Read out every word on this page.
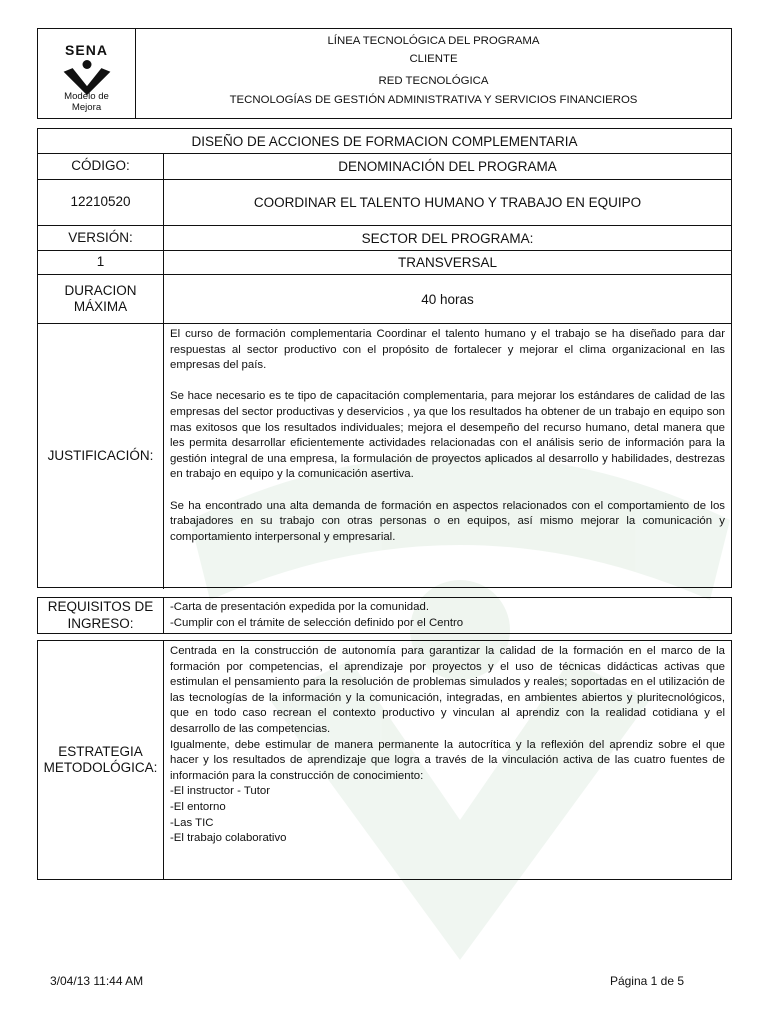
SENA
Modelo de Mejora
LÍNEA TECNOLÓGICA DEL PROGRAMA
CLIENTE
RED TECNOLÓGICA
TECNOLOGÍAS DE GESTIÓN ADMINISTRATIVA Y SERVICIOS FINANCIEROS
DISEÑO DE ACCIONES DE FORMACION COMPLEMENTARIA
CÓDIGO:	DENOMINACIÓN DEL PROGRAMA
12210520	COORDINAR EL TALENTO HUMANO Y TRABAJO EN EQUIPO
VERSIÓN:	SECTOR DEL PROGRAMA:
1	TRANSVERSAL
DURACION MÁXIMA	40 horas
JUSTIFICACIÓN:

El curso de formación complementaria Coordinar el talento humano y el trabajo se ha diseñado para dar respuestas al sector productivo con el propósito de fortalecer y mejorar el clima organizacional en las empresas del país.

Se hace necesario es te tipo de capacitación complementaria, para mejorar los estándares de calidad de las empresas del sector productivas y deservicios , ya que los resultados ha obtener de un trabajo en equipo son mas exitosos que los resultados individuales; mejora el desempeño del recurso humano, detal manera que les permita desarrollar eficientemente actividades relacionadas con el análisis serio de información para la gestión integral de una empresa, la formulación de proyectos aplicados al desarrollo y habilidades, destrezas en trabajo en equipo y la comunicación asertiva.

Se ha encontrado una alta demanda de formación en aspectos relacionados con el comportamiento de los trabajadores en su trabajo con otras personas o en equipos, así mismo mejorar la comunicación y comportamiento interpersonal y empresarial.

REQUISITOS DE INGRESO:

-Carta de presentación expedida por la comunidad.

-Cumplir con el trámite de selección definido por el Centro

ESTRATEGIA METODOLÓGICA:

Centrada en la construcción de autonomía para garantizar la calidad de la formación en el marco de la formación por competencias, el aprendizaje por proyectos y el uso de técnicas didácticas activas que estimulan el pensamiento para la resolución de problemas simulados y reales; soportadas en el utilización de las tecnologías de la información y la comunicación, integradas, en ambientes abiertos y pluritecnológicos, que en todo caso recrean el contexto productivo y vinculan al aprendiz con la realidad cotidiana y el desarrollo de las competencias.

Igualmente, debe estimular de manera permanente la autocrítica y la reflexión del aprendiz sobre el que hacer y los resultados de aprendizaje que logra a través de la vinculación activa de las cuatro fuentes de información para la construcción de conocimiento:

-El instructor - Tutor

-El entorno

-Las TIC

-El trabajo colaborativo

3/04/13 11:44 AM	Página 1 de 5
